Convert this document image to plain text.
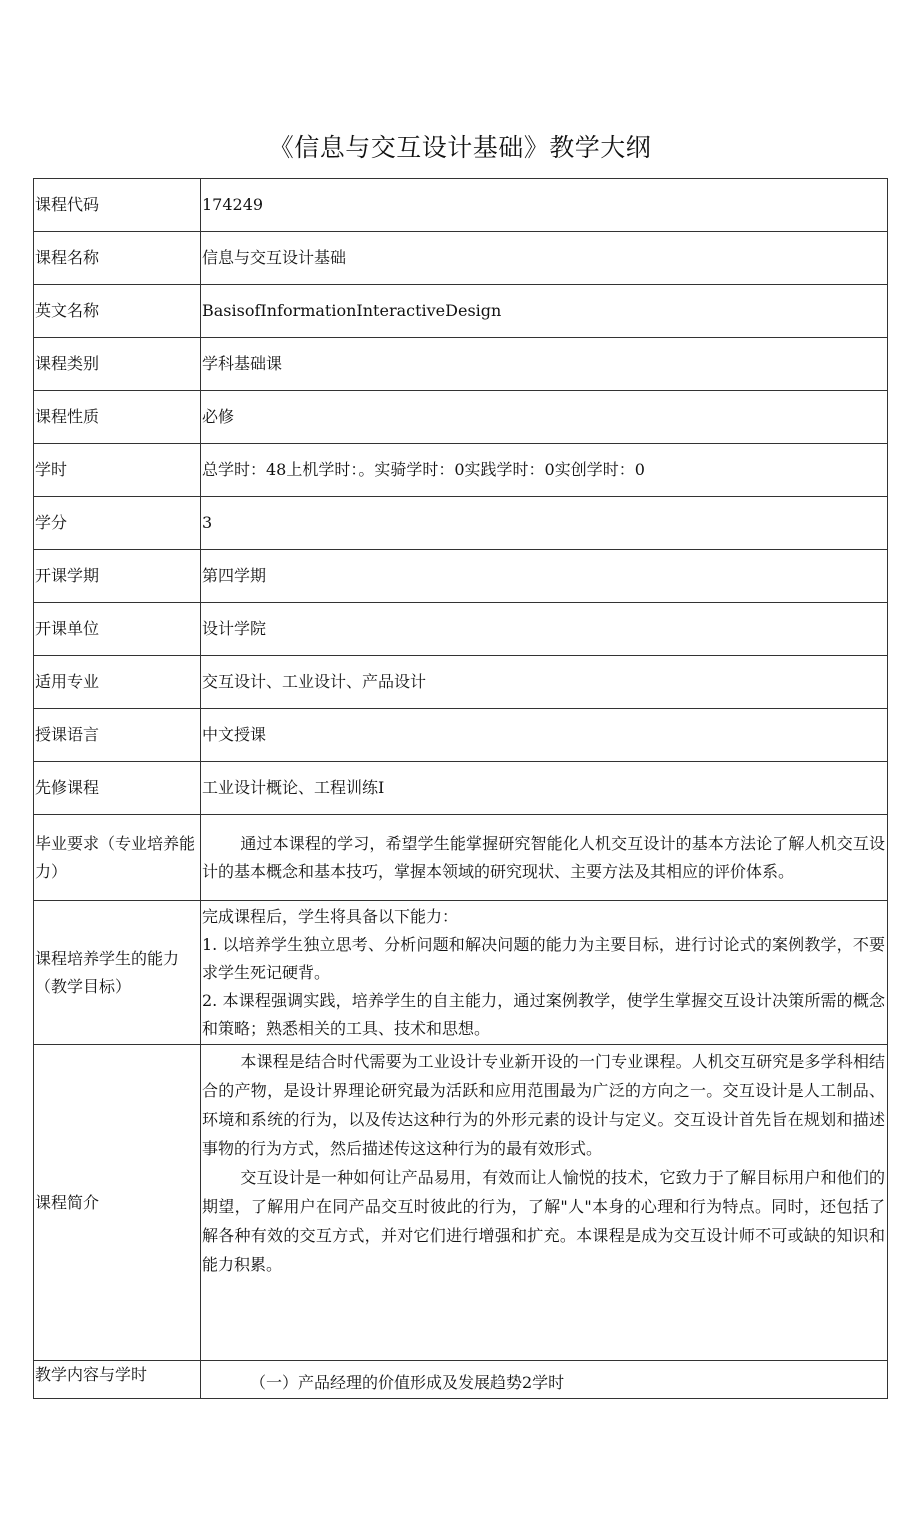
《信息与交互设计基础》教学大纲
课程代码	174249
课程名称	信息与交互设计基础
英文名称	BasisofInformationInteractiveDesign
课程类别	学科基础课
课程性质	必修
学时	总学时：48上机学时：。实骑学时：0实践学时：0实创学时：0
学分	3
开课学期	第四学期
开课单位	设计学院
适用专业	交互设计、工业设计、产品设计
授课语言	中文授课
先修课程	工业设计概论、工程训练I
毕业要求（专业培养能力）	通过本课程的学习，希望学生能掌握研究智能化人机交互设计的基本方法论了解人机交互设计的基本概念和基本技巧，掌握本领域的研究现状、主要方法及其相应的评价体系。

课程培养学生的能力（教学目标）	完成课程后，学生将具备以下能力：

1. 以培养学生独立思考、分析问题和解决问题的能力为主要目标，进行讨论式的案例教学，不要求学生死记硬背。

2. 本课程强调实践，培养学生的自主能力，通过案例教学，使学生掌握交互设计决策所需的概念和策略；熟悉相关的工具、技术和思想。

课程简介	本课程是结合时代需要为工业设计专业新开设的一门专业课程。人机交互研究是多学科相结合的产物，是设计界理论研究最为活跃和应用范围最为广泛的方向之一。交互设计是人工制品、环境和系统的行为，以及传达这种行为的外形元素的设计与定义。交互设计首先旨在规划和描述事物的行为方式，然后描述传这这种行为的最有效形式。

交互设计是一种如何让产品易用，有效而让人愉悦的技术，它致力于了解目标用户和他们的期望，了解用户在同产品交互时彼此的行为，了解"人"本身的心理和行为特点。同时，还包括了解各种有效的交互方式，并对它们进行增强和扩充。本课程是成为交互设计师不可或缺的知识和能力积累。

教学内容与学时	（一）产品经理的价值形成及发展趋势2学时
